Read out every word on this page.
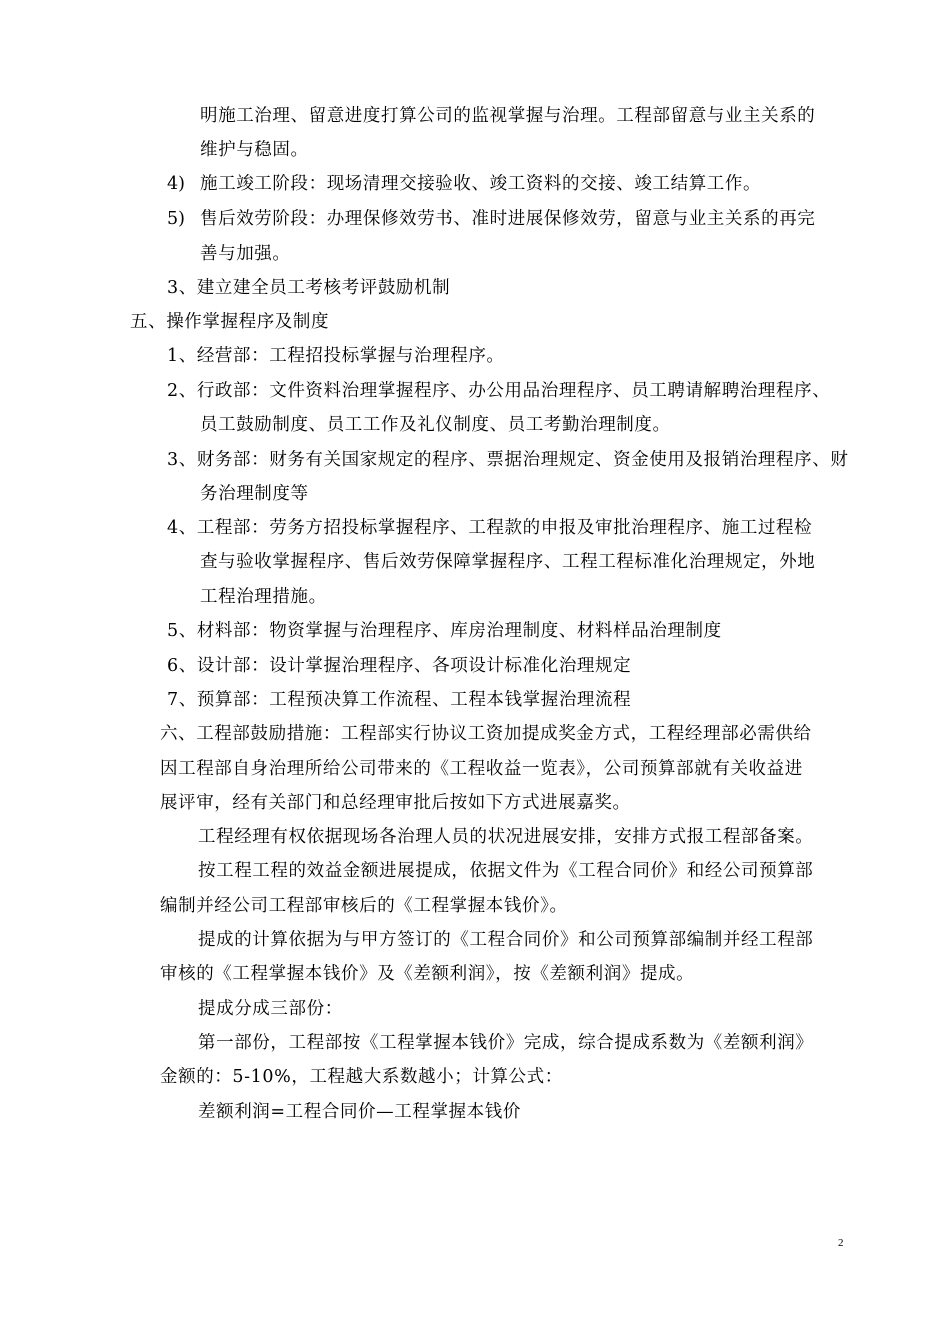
明施工治理、留意进度打算公司的监视掌握与治理。工程部留意与业主关系的
维护与稳固。
4) 施工竣工阶段：现场清理交接验收、竣工资料的交接、竣工结算工作。
5) 售后效劳阶段：办理保修效劳书、准时进展保修效劳，留意与业主关系的再完
善与加强。
3、建立建全员工考核考评鼓励机制
五、操作掌握程序及制度
1、经营部：工程招投标掌握与治理程序。
2、行政部：文件资料治理掌握程序、办公用品治理程序、员工聘请解聘治理程序、
员工鼓励制度、员工工作及礼仪制度、员工考勤治理制度。
3、财务部：财务有关国家规定的程序、票据治理规定、资金使用及报销治理程序、财
务治理制度等
4、工程部：劳务方招投标掌握程序、工程款的申报及审批治理程序、施工过程检
查与验收掌握程序、售后效劳保障掌握程序、工程工程标准化治理规定，外地
工程治理措施。
5、材料部：物资掌握与治理程序、库房治理制度、材料样品治理制度
6、设计部：设计掌握治理程序、各项设计标准化治理规定
7、预算部：工程预决算工作流程、工程本钱掌握治理流程
六、工程部鼓励措施：工程部实行协议工资加提成奖金方式，工程经理部必需供给
因工程部自身治理所给公司带来的《工程收益一览表》，公司预算部就有关收益进
展评审，经有关部门和总经理审批后按如下方式进展嘉奖。
工程经理有权依据现场各治理人员的状况进展安排，安排方式报工程部备案。
按工程工程的效益金额进展提成，依据文件为《工程合同价》和经公司预算部
编制并经公司工程部审核后的《工程掌握本钱价》。
提成的计算依据为与甲方签订的《工程合同价》和公司预算部编制并经工程部
审核的《工程掌握本钱价》及《差额利润》，按《差额利润》提成。
提成分成三部份：
第一部份，工程部按《工程掌握本钱价》完成，综合提成系数为《差额利润》
金额的：5-10%，工程越大系数越小；计算公式：
差额利润=工程合同价—工程掌握本钱价
2
